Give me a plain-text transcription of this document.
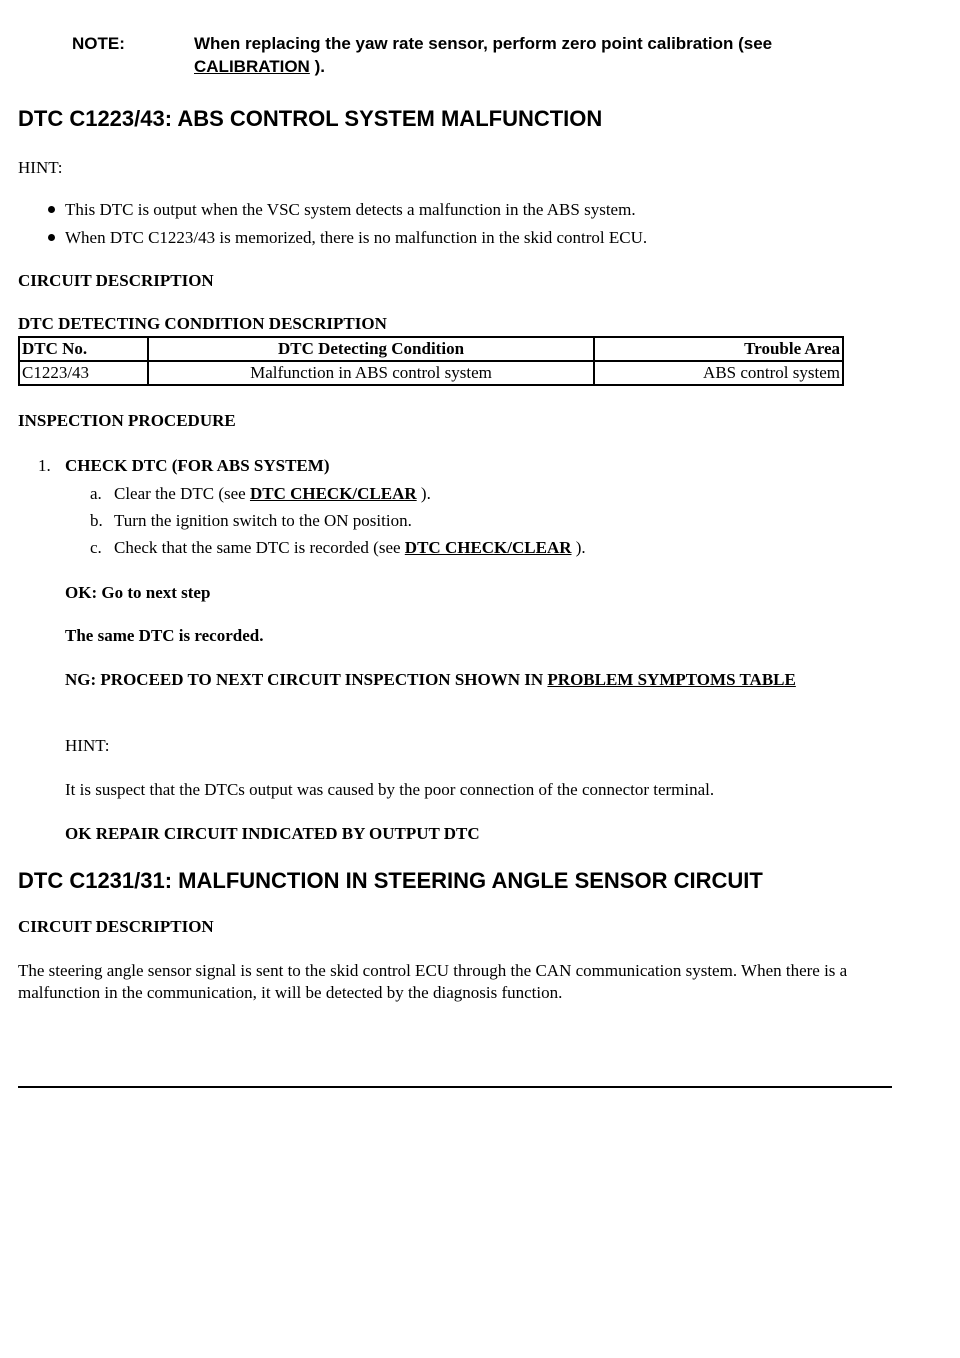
NOTE:	When replacing the yaw rate sensor, perform zero point calibration (see
CALIBRATION ).
DTC C1223/43: ABS CONTROL SYSTEM MALFUNCTION
HINT:
This DTC is output when the VSC system detects a malfunction in the ABS system.
When DTC C1223/43 is memorized, there is no malfunction in the skid control ECU.
CIRCUIT DESCRIPTION
DTC DETECTING CONDITION DESCRIPTION
DTC No.	DTC Detecting Condition	Trouble Area
C1223/43	Malfunction in ABS control system	ABS control system
INSPECTION PROCEDURE
1. CHECK DTC (FOR ABS SYSTEM)
a. Clear the DTC (see DTC CHECK/CLEAR ).
b. Turn the ignition switch to the ON position.
c. Check that the same DTC is recorded (see DTC CHECK/CLEAR ).
OK: Go to next step
The same DTC is recorded.
NG: PROCEED TO NEXT CIRCUIT INSPECTION SHOWN IN PROBLEM SYMPTOMS TABLE
HINT:
It is suspect that the DTCs output was caused by the poor connection of the connector terminal.
OK REPAIR CIRCUIT INDICATED BY OUTPUT DTC
DTC C1231/31: MALFUNCTION IN STEERING ANGLE SENSOR CIRCUIT
CIRCUIT DESCRIPTION
The steering angle sensor signal is sent to the skid control ECU through the CAN communication system. When there is a malfunction in the communication, it will be detected by the diagnosis function.
